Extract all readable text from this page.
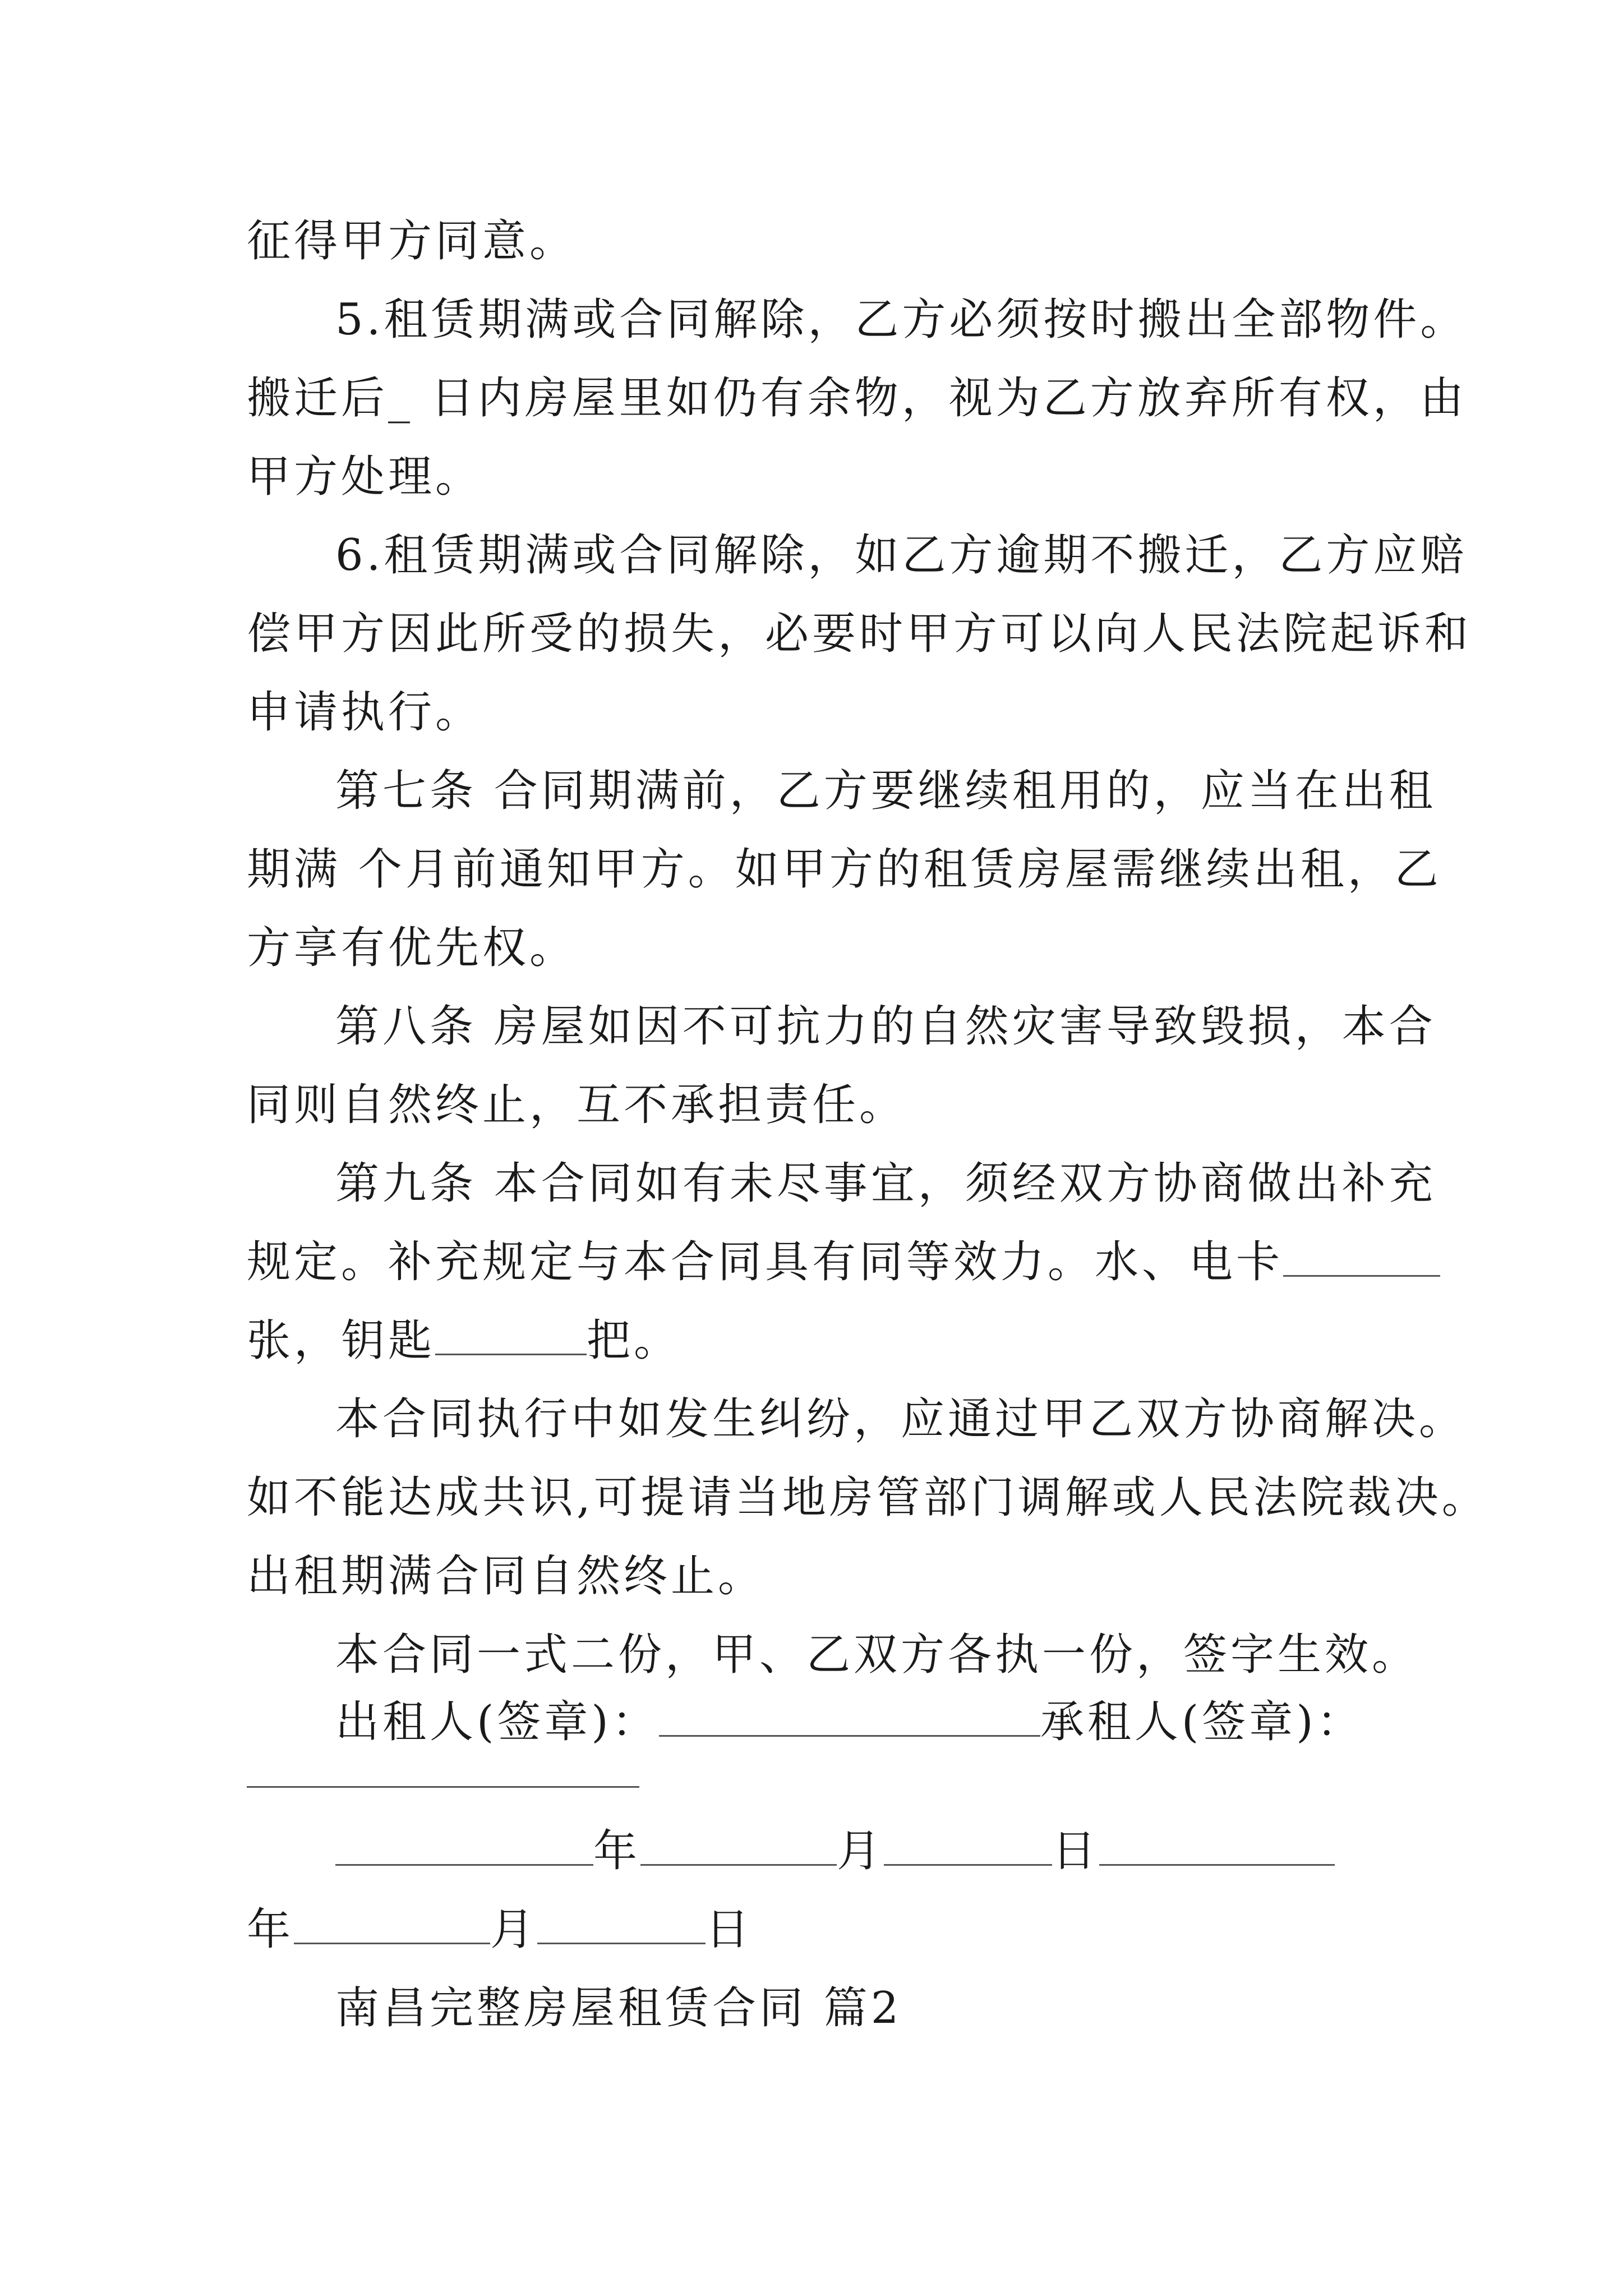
征得甲方同意。
5.租赁期满或合同解除，乙方必须按时搬出全部物件。
搬迁后_ 日内房屋里如仍有余物，视为乙方放弃所有权，由
甲方处理。
6.租赁期满或合同解除，如乙方逾期不搬迁，乙方应赔
偿甲方因此所受的损失，必要时甲方可以向人民法院起诉和
申请执行。
第七条 合同期满前，乙方要继续租用的，应当在出租
期满 个月前通知甲方。如甲方的租赁房屋需继续出租，乙
方享有优先权。
第八条 房屋如因不可抗力的自然灾害导致毁损，本合
同则自然终止，互不承担责任。
第九条 本合同如有未尽事宜，须经双方协商做出补充
规定。补充规定与本合同具有同等效力。水、电卡
张，钥匙	把。
本合同执行中如发生纠纷，应通过甲乙双方协商解决。
如不能达成共识,可提请当地房管部门调解或人民法院裁决。
出租期满合同自然终止。
本合同一式二份，甲、乙双方各执一份，签字生效。
出租人(签章)：	承租人(签章)：
年	月	日
年	月	日
南昌完整房屋租赁合同 篇2
